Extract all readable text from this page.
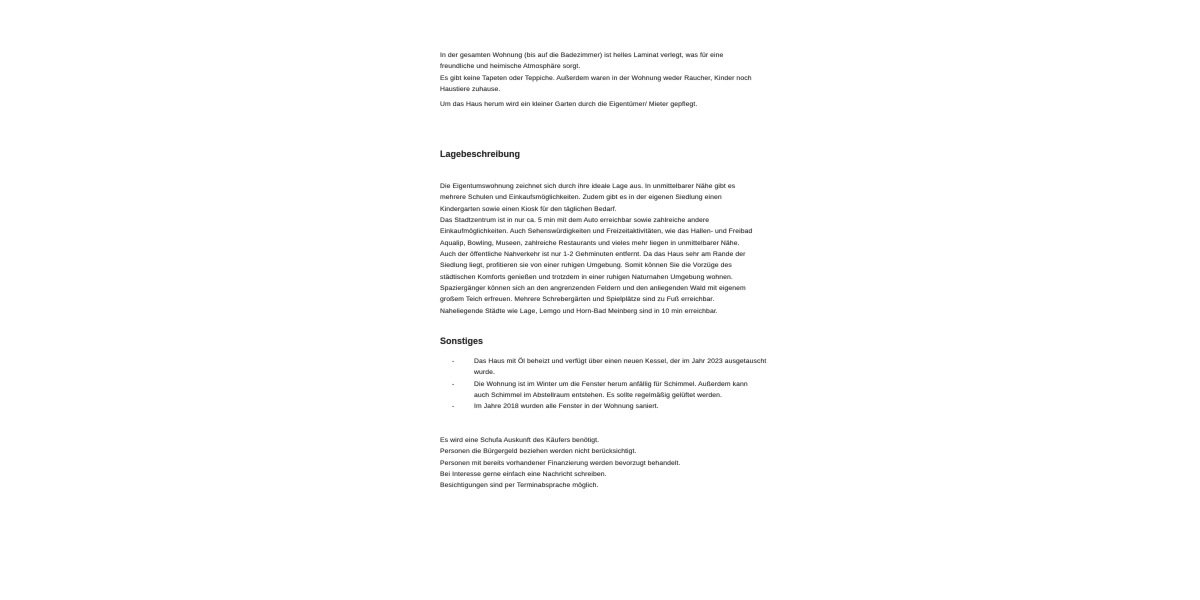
In der gesamten Wohnung (bis auf die Badezimmer) ist helles Laminat verlegt, was für eine
freundliche und heimische Atmosphäre sorgt.
Es gibt keine Tapeten oder Teppiche. Außerdem waren in der Wohnung weder Raucher, Kinder noch
Haustiere zuhause.
Um das Haus herum wird ein kleiner Garten durch die Eigentümer/ Mieter gepflegt.
Lagebeschreibung
Die Eigentumswohnung zeichnet sich durch ihre ideale Lage aus. In unmittelbarer Nähe gibt es
mehrere Schulen und Einkaufsmöglichkeiten. Zudem gibt es in der eigenen Siedlung einen
Kindergarten sowie einen Kiosk für den täglichen Bedarf.
Das Stadtzentrum ist in nur ca. 5 min mit dem Auto erreichbar sowie zahlreiche andere
Einkaufmöglichkeiten. Auch Sehenswürdigkeiten und Freizeitaktivitäten, wie das Hallen- und Freibad
Aqualip, Bowling, Museen, zahlreiche Restaurants und vieles mehr liegen in unmittelbarer Nähe.
Auch der öffentliche Nahverkehr ist nur 1-2 Gehminuten entfernt. Da das Haus sehr am Rande der
Siedlung liegt, profitieren sie von einer ruhigen Umgebung. Somit können Sie die Vorzüge des
städtischen Komforts genießen und trotzdem in einer ruhigen Naturnahen Umgebung wohnen.
Spaziergänger können sich an den angrenzenden Feldern und den anliegenden Wald mit eigenem
großem Teich erfreuen. Mehrere Schrebergärten und Spielplätze sind zu Fuß erreichbar.
Naheliegende Städte wie Lage, Lemgo und Horn-Bad Meinberg sind in 10 min erreichbar.
Sonstiges
-	Das Haus mit Öl beheizt und verfügt über einen neuen Kessel, der im Jahr 2023 ausgetauscht
wurde.
-	Die Wohnung ist im Winter um die Fenster herum anfällig für Schimmel. Außerdem kann
auch Schimmel im Abstellraum entstehen. Es sollte regelmäßig gelüftet werden.
-	Im Jahre 2018 wurden alle Fenster in der Wohnung saniert.
Es wird eine Schufa Auskunft des Käufers benötigt.
Personen die Bürgergeld beziehen werden nicht berücksichtigt.
Personen mit bereits vorhandener Finanzierung werden bevorzugt behandelt.
Bei Interesse gerne einfach eine Nachricht schreiben.
Besichtigungen sind per Terminabsprache möglich.
